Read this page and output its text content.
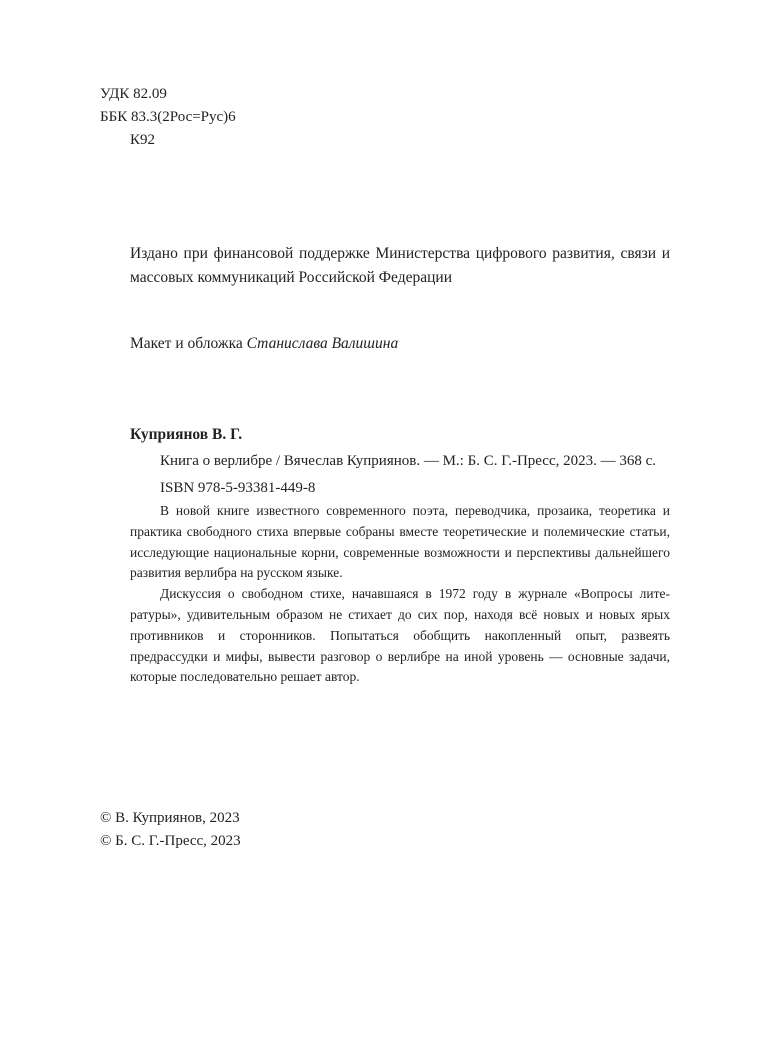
УДК 82.09
ББК 83.3(2Рос=Рус)6
К92
Издано при финансовой поддержке Министерства цифрового развития, связи и массовых коммуникаций Российской Федерации
Макет и обложка Станислава Валишина
Куприянов В. Г.
Книга о верлибре / Вячеслав Куприянов. — М.: Б. С. Г.-Пресс, 2023. — 368 с.
ISBN 978-5-93381-449-8

В новой книге известного современного поэта, переводчика, прозаика, теоретика и практика свободного стиха впервые собраны вместе теоретические и полемические статьи, исследующие национальные корни, современные возможности и перспективы дальнейшего развития верлибра на русском языке.

Дискуссия о свободном стихе, начавшаяся в 1972 году в журнале «Вопросы литературы», удивительным образом не стихает до сих пор, находя всё новых и новых ярых противников и сторонников. Попытаться обобщить накопленный опыт, развеять предрассудки и мифы, вывести разговор о верлибре на иной уровень — основные задачи, которые последовательно решает автор.

© В. Куприянов, 2023
© Б. С. Г.-Пресс, 2023
